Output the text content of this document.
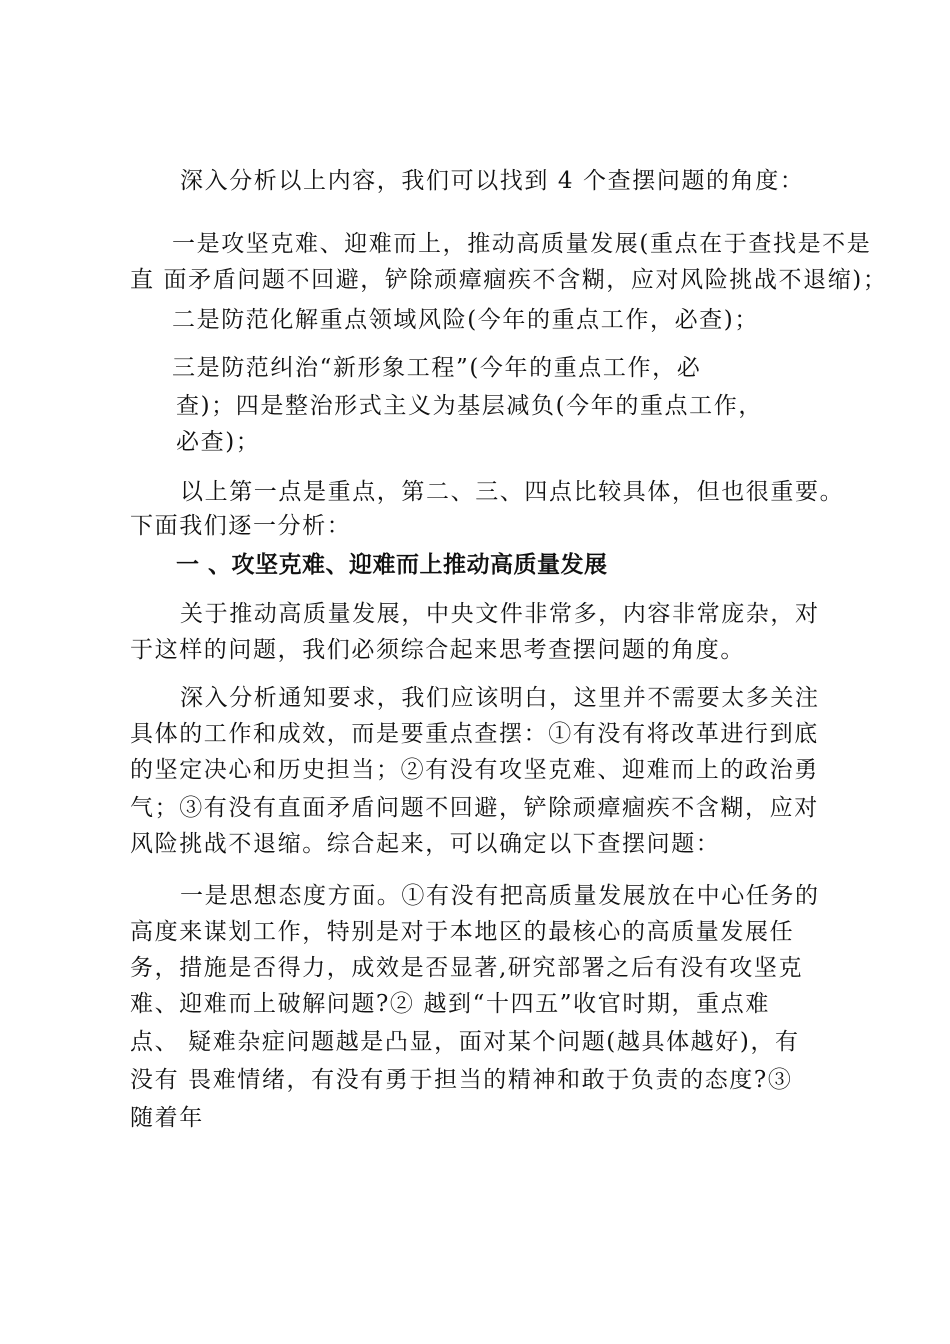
深入分析以上内容，我们可以找到 4 个查摆问题的角度：

一是攻坚克难、迎难而上，推动高质量发展(重点在于查找是不是

直 面矛盾问题不回避，铲除顽瘴痼疾不含糊，应对风险挑战不退缩)；

二是防范化解重点领域风险(今年的重点工作，必查)；

三是防范纠治“新形象工程”(今年的重点工作，必

查)；四是整治形式主义为基层减负(今年的重点工作，

必查)；

以上第一点是重点，第二、三、四点比较具体，但也很重要。

下面我们逐一分析：

一 、攻坚克难、迎难而上推动高质量发展

关于推动高质量发展，中央文件非常多，内容非常庞杂，对

于这样的问题，我们必须综合起来思考查摆问题的角度。

深入分析通知要求，我们应该明白，这里并不需要太多关注

具体的工作和成效，而是要重点查摆：①有没有将改革进行到底

的坚定决心和历史担当；②有没有攻坚克难、迎难而上的政治勇

气；③有没有直面矛盾问题不回避，铲除顽瘴痼疾不含糊，应对

风险挑战不退缩。综合起来，可以确定以下查摆问题：

一是思想态度方面。①有没有把高质量发展放在中心任务的

高度来谋划工作，特别是对于本地区的最核心的高质量发展任

务，措施是否得力，成效是否显著,研究部署之后有没有攻坚克

难、迎难而上破解问题?② 越到“十四五”收官时期，重点难

点、 疑难杂症问题越是凸显，面对某个问题(越具体越好)，有

没有 畏难情绪，有没有勇于担当的精神和敢于负责的态度?③

随着年
